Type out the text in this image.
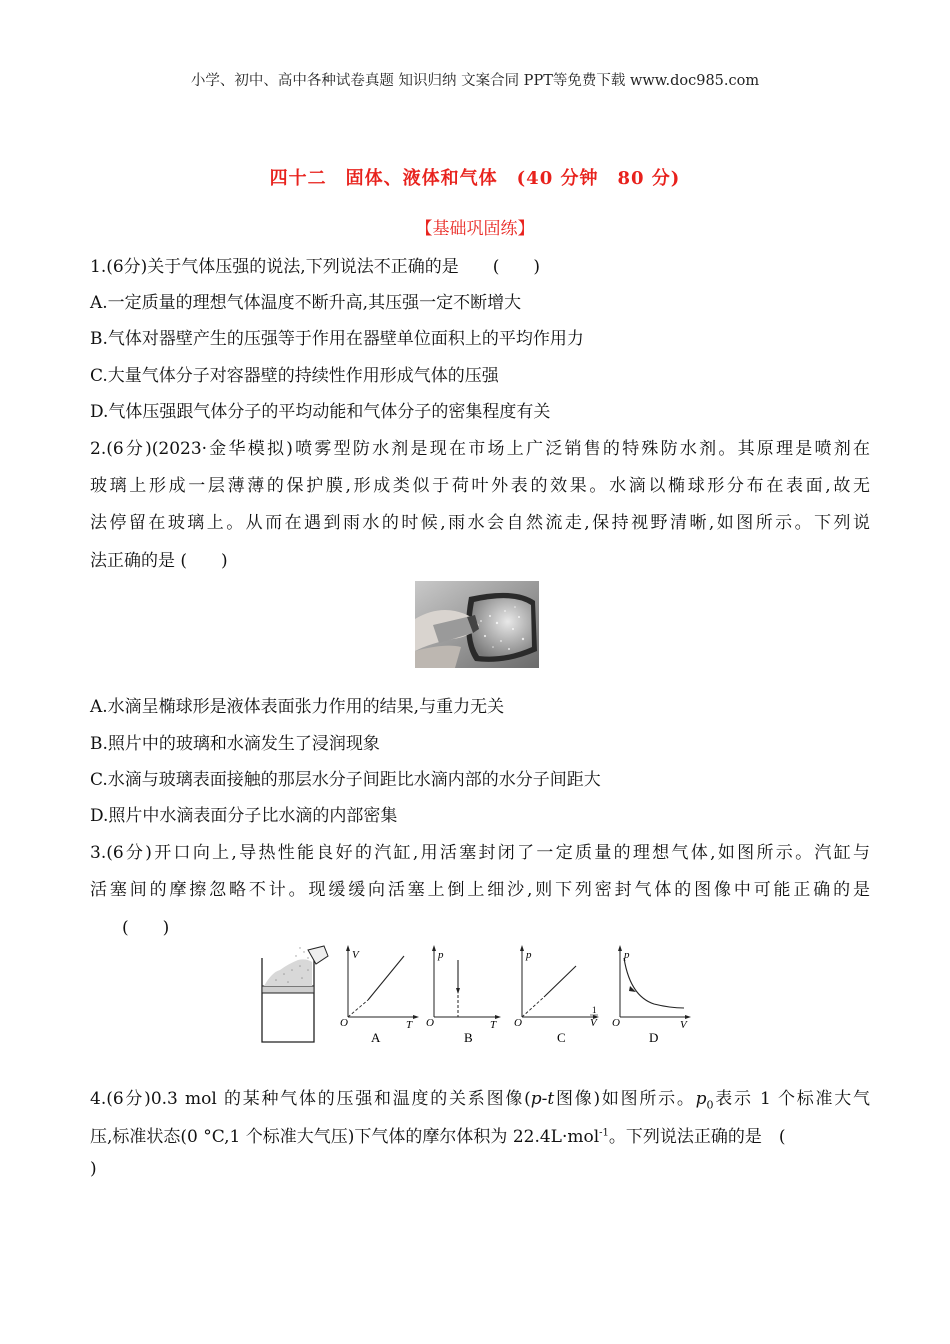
小学、初中、高中各种试卷真题 知识归纳 文案合同 PPT等免费下载 www.doc985.com
四十二　固体、液体和气体　(40 分钟　80 分)
【基础巩固练】
1.(6分)关于气体压强的说法,下列说法不正确的是　　(　　)
A.一定质量的理想气体温度不断升高,其压强一定不断增大
B.气体对器壁产生的压强等于作用在器壁单位面积上的平均作用力
C.大量气体分子对容器壁的持续性作用形成气体的压强
D.气体压强跟气体分子的平均动能和气体分子的密集程度有关
2.(6分)(2023·金华模拟)喷雾型防水剂是现在市场上广泛销售的特殊防水剂。其原理是喷剂在
玻璃上形成一层薄薄的保护膜,形成类似于荷叶外表的效果。水滴以椭球形分布在表面,故无
法停留在玻璃上。从而在遇到雨水的时候,雨水会自然流走,保持视野清晰,如图所示。下列说
法正确的是 (　　)
A.水滴呈椭球形是液体表面张力作用的结果,与重力无关
B.照片中的玻璃和水滴发生了浸润现象
C.水滴与玻璃表面接触的那层水分子间距比水滴内部的水分子间距大
D.照片中水滴表面分子比水滴的内部密集
3.(6分)开口向上,导热性能良好的汽缸,用活塞封闭了一定质量的理想气体,如图所示。汽缸与
活塞间的摩擦忽略不计。现缓缓向活塞上倒上细沙,则下列密封气体的图像中可能正确的是
(　　)
V
O	T
A
p
O	T
B
p
O
1
V
C
p
O	V
D
4.(6分)0.3 mol 的某种气体的压强和温度的关系图像(p-t图像)如图所示。$p_0$表示 1 个标准大气
压,标准状态(0 °C,1 个标准大气压)下气体的摩尔体积为 22.4L·mol$^{-1}$。下列说法正确的是　(
)
